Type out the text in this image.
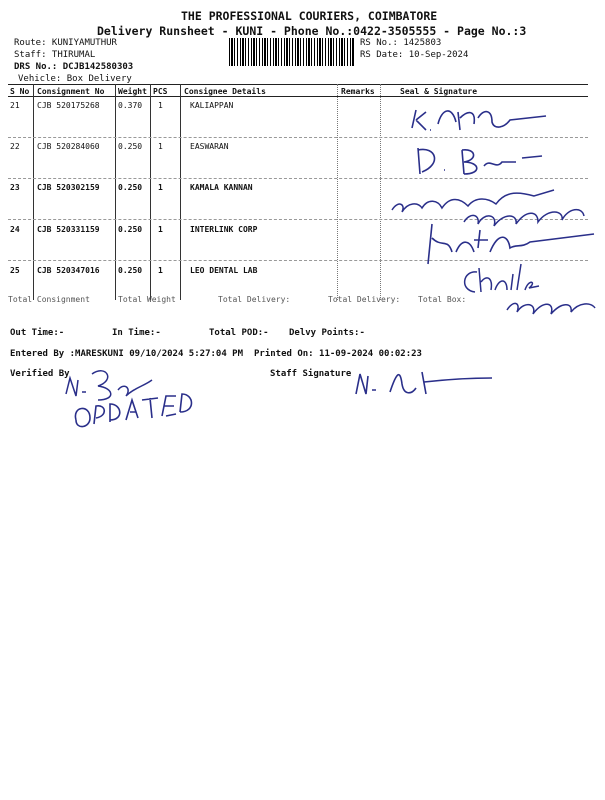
THE PROFESSIONAL COURIERS, COIMBATORE
Delivery Runsheet - KUNI - Phone No.:0422-3505555 - Page No.:3
Route: KUNIYAMUTHUR
Staff: THIRUMAL
DRS No.: DCJB142580303
Vehicle: Box Delivery
RS No.: 1425803
RS Date: 10-Sep-2024
S No Consignment No Weight PCS Consignee Details	Remarks	Seal & Signature
21 CJB 520175268 0.370 1	KALIAPPAN
22 CJB 520284060 0.250 1	EASWARAN
23 CJB 520302159 0.250 1	KAMALA KANNAN
24 CJB 520331159 0.250 1	INTERLINK CORP
25 CJB 520347016 0.250 1	LEO DENTAL LAB
Total Consignment	Total Weight	Total Delivery:	Total Delivery: Total Box:
Out Time:-	In Time:-	Total POD:- Delvy Points:-
Entered By :MARESKUNI 09/10/2024 5:27:04 PM Printed On: 11-09-2024 00:02:23
Verified By	Staff Signature
